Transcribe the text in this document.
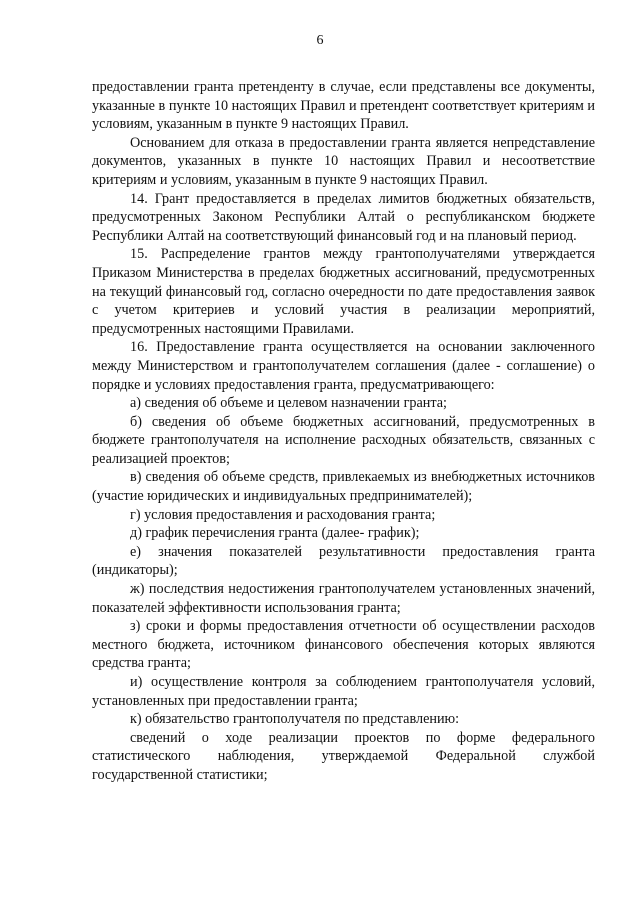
6

предоставлении гранта претенденту в случае, если представлены все документы, указанные в пункте 10 настоящих Правил и претендент соответствует критериям и условиям, указанным в пункте 9 настоящих Правил.

Основанием для отказа в предоставлении гранта является непредставление документов, указанных в пункте 10 настоящих Правил и несоответствие критериям и условиям, указанным в пункте 9 настоящих Правил.

14. Грант предоставляется в пределах лимитов бюджетных обязательств, предусмотренных Законом Республики Алтай о республиканском бюджете Республики Алтай на соответствующий финансовый год и на плановый период.

15. Распределение грантов между грантополучателями утверждается Приказом Министерства в пределах бюджетных ассигнований, предусмотренных на текущий финансовый год, согласно очередности по дате предоставления заявок с учетом критериев и условий участия в реализации мероприятий, предусмотренных настоящими Правилами.

16. Предоставление гранта осуществляется на основании заключенного между Министерством и грантополучателем соглашения (далее - соглашение) о порядке и условиях предоставления гранта, предусматривающего:

а) сведения об объеме и целевом назначении гранта;

б) сведения об объеме бюджетных ассигнований, предусмотренных в бюджете грантополучателя на исполнение расходных обязательств, связанных с реализацией проектов;

в) сведения об объеме средств, привлекаемых из внебюджетных источников (участие юридических и индивидуальных предпринимателей);

г) условия предоставления и расходования гранта;

д) график перечисления гранта (далее- график);

е) значения показателей результативности предоставления гранта (индикаторы);

ж) последствия недостижения грантополучателем установленных значений, показателей эффективности использования гранта;

з) сроки и формы предоставления отчетности об осуществлении расходов местного бюджета, источником финансового обеспечения которых являются средства гранта;

и) осуществление контроля за соблюдением грантополучателя условий, установленных при предоставлении гранта;

к) обязательство грантополучателя по представлению:

сведений о ходе реализации проектов по форме федерального статистического наблюдения, утверждаемой Федеральной службой государственной статистики;
